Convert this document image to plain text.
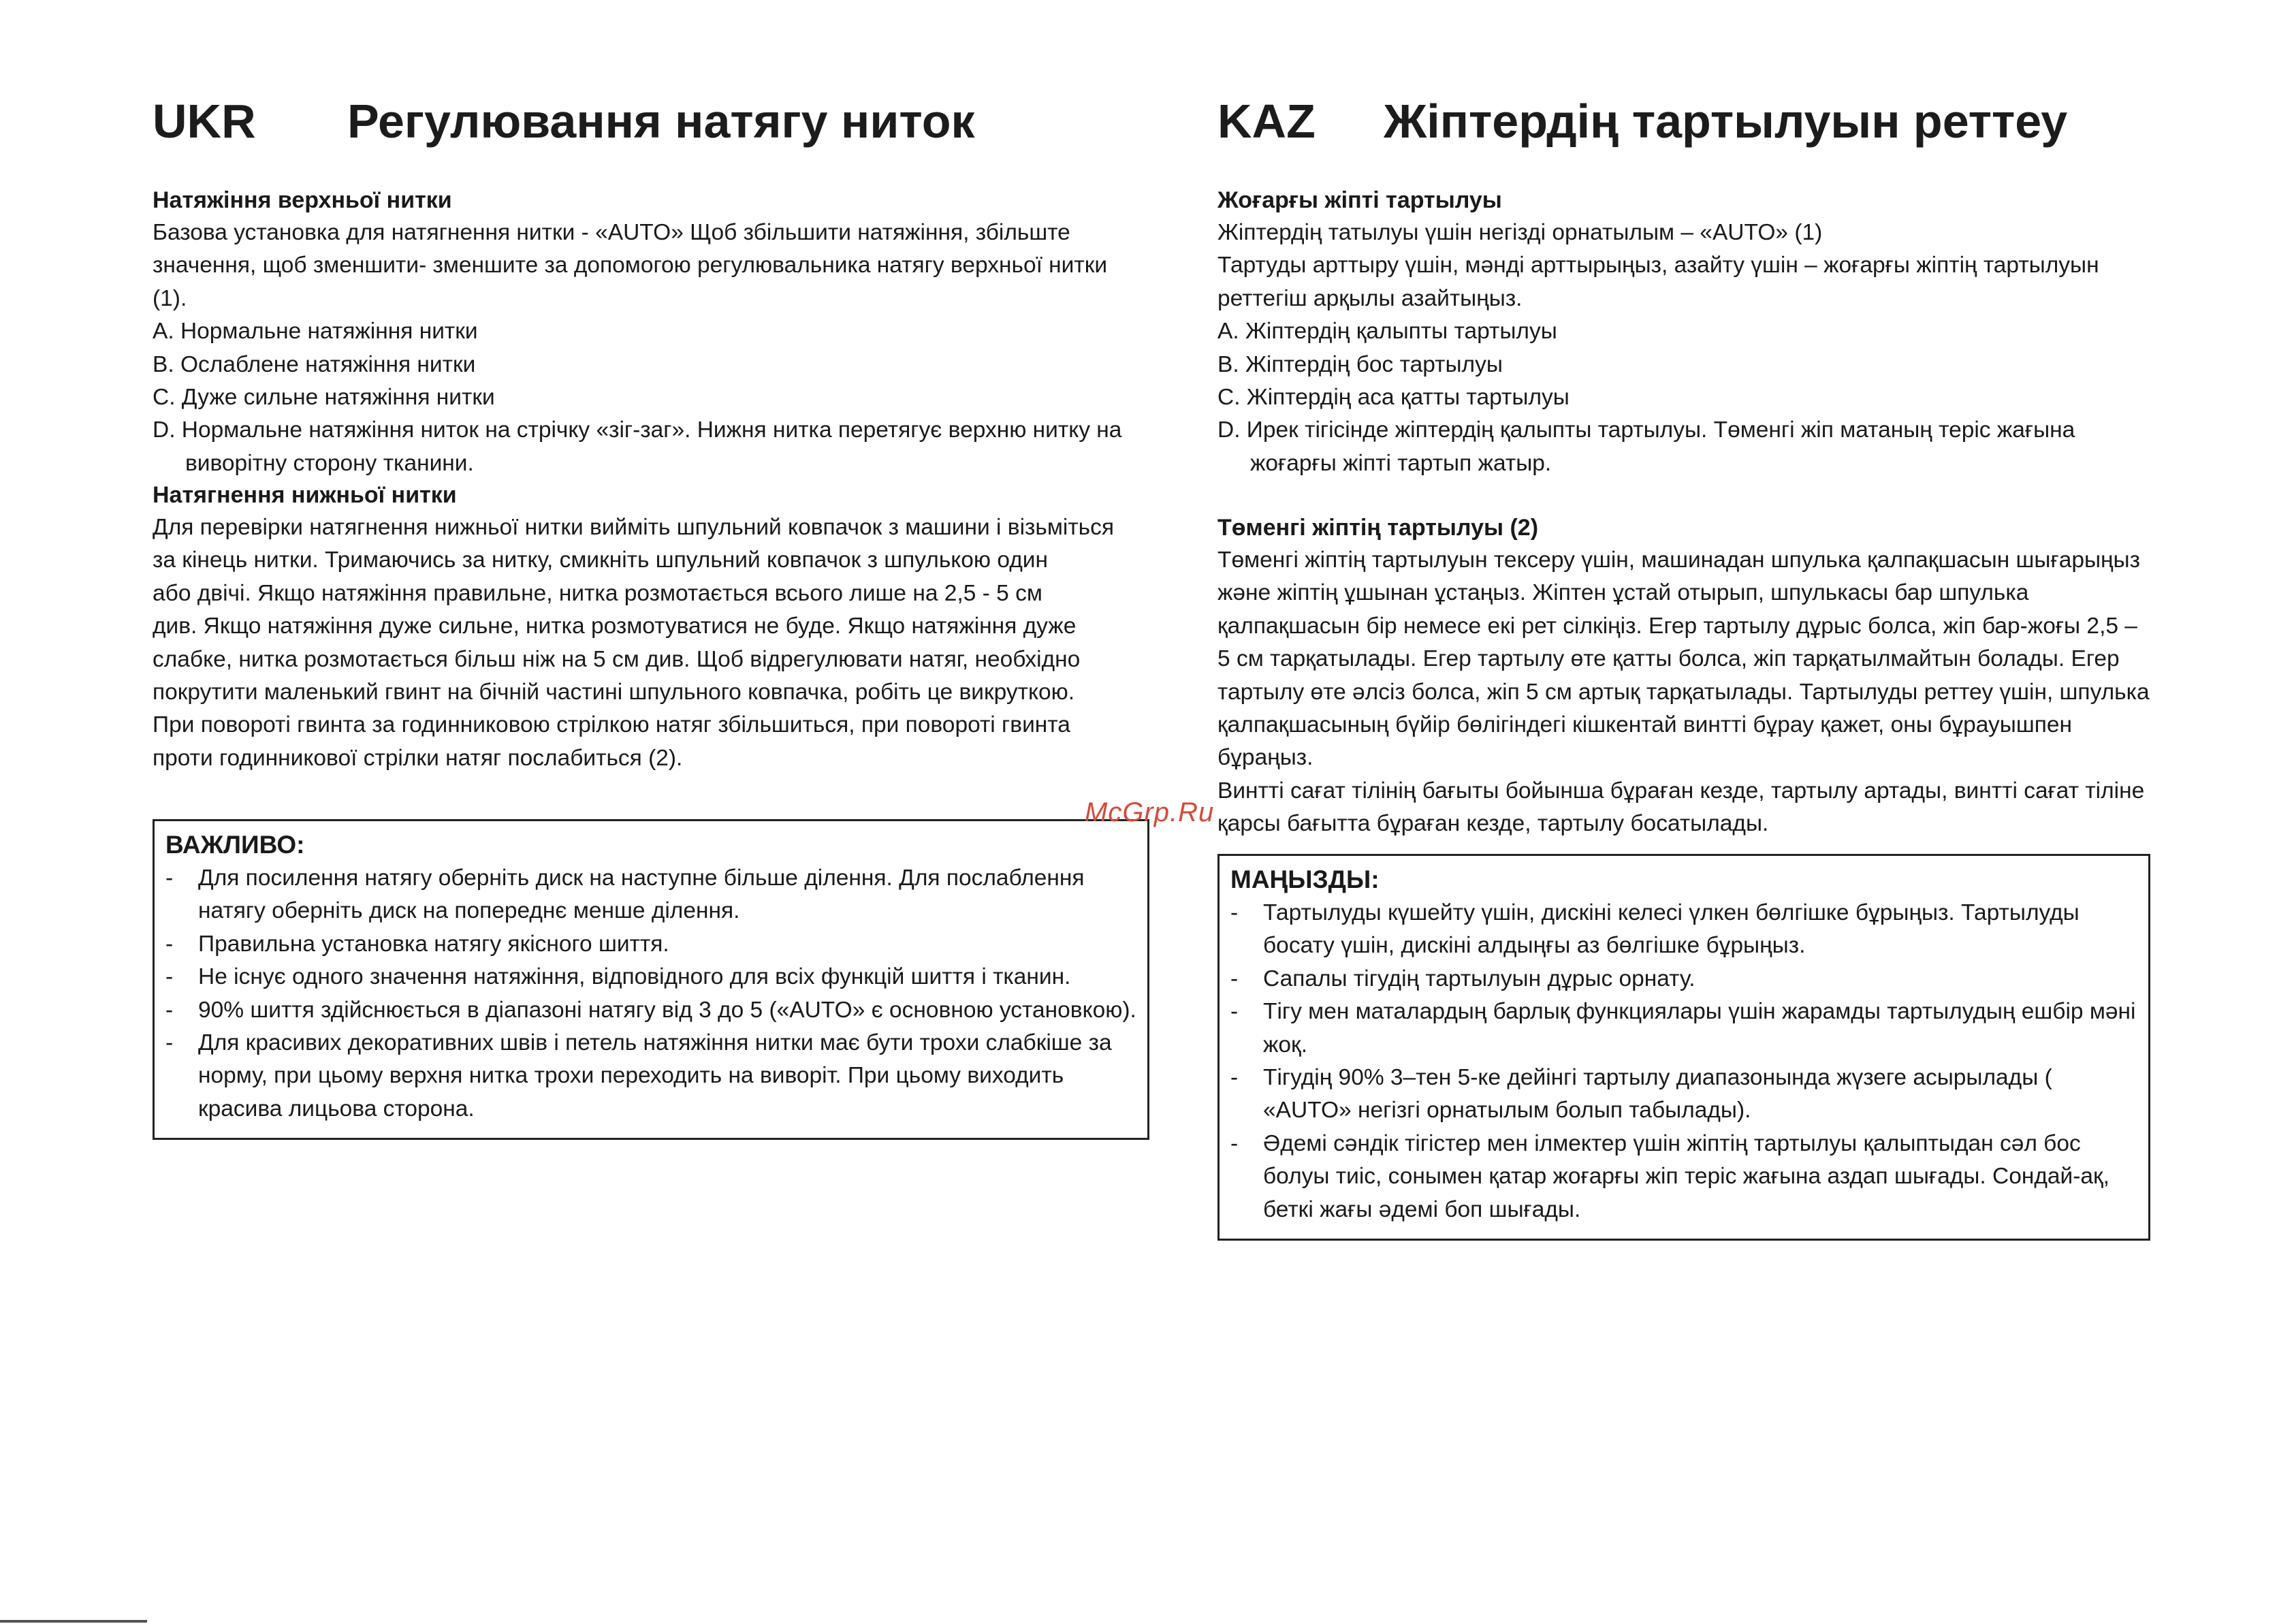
UKR Регулювання натягу ниток

Натяжіння верхньої нитки

Базова установка для натягнення нитки - «AUTO» Щоб збільшити натяжіння, збільште

значення, щоб зменшити- зменшите за допомогою регулювальника натягу верхньої нитки (1).

A. Нормальне натяжіння нитки

B. Ослаблене натяжіння нитки

C. Дуже сильне натяжіння нитки

D. Нормальне натяжіння ниток на стрічку «зіг-заг». Нижня нитка перетягує верхню нитку на виворітну сторону тканини.

Натягнення нижньої нитки

Для перевірки натягнення нижньої нитки вийміть шпульний ковпачок з машини і візьміться

за кінець нитки. Тримаючись за нитку, смикніть шпульний ковпачок з шпулькою один

або двічі. Якщо натяжіння правильне, нитка розмотається всього лише на 2,5 - 5 см

див. Якщо натяжіння дуже сильне, нитка розмотуватися не буде. Якщо натяжіння дуже

слабке, нитка розмотається більш ніж на 5 см див. Щоб відрегулювати натяг, необхідно

покрутити маленький гвинт на бічній частині шпульного ковпачка, робіть це викруткою.

При повороті гвинта за годинниковою стрілкою натяг збільшиться, при повороті гвинта

проти годинникової стрілки натяг послабиться (2).

ВАЖЛИВО:

- Для посилення натягу оберніть диск на наступне більше ділення. Для послаблення натягу оберніть диск на попереднє менше ділення.

- Правильна установка натягу якісного шиття.

- Не існує одного значення натяжіння, відповідного для всіх функцій шиття і тканин.

- 90% шиття здійснюється в діапазоні натягу від 3 до 5 («AUTO» є основною установкою).

- Для красивих декоративних швів і петель натяжіння нитки має бути трохи слабкіше за норму, при цьому верхня нитка трохи переходить на виворіт. При цьому виходить красива лицьова сторона.

KAZ Жіптердің тартылуын реттеу

Жоғарғы жіпті тартылуы

Жіптердің татылуы үшін негізді орнатылым – «AUTO» (1)

Тартуды арттыру үшін, мәнді арттырыңыз, азайту үшін – жоғарғы жіптің тартылуын

реттегіш арқылы азайтыңыз.

A. Жіптердің қалыпты тартылуы

B. Жіптердің бос тартылуы

C. Жіптердің аса қатты тартылуы

D. Ирек тігісінде жіптердің қалыпты тартылуы. Төменгі жіп матаның теріс жағына жоғарғы жіпті тартып жатыр.

Төменгі жіптің тартылуы (2)

Төменгі жіптің тартылуын тексеру үшін, машинадан шпулька қалпақшасын шығарыңыз

және жіптің ұшынан ұстаңыз. Жіптен ұстай отырып, шпулькасы бар шпулька

қалпақшасын бір немесе екі рет сілкіңіз. Егер тартылу дұрыс болса, жіп бар-жоғы 2,5 –

5 см тарқатылады. Егер тартылу өте қатты болса, жіп тарқатылмайтын болады. Егер

тартылу өте әлсіз болса, жіп 5 см артық тарқатылады. Тартылуды реттеу үшін, шпулька

қалпақшасының бүйір бөлігіндегі кішкентай винтті бұрау қажет, оны бұрауышпен бұраңыз.

Винтті сағат тілінің бағыты бойынша бұраған кезде, тартылу артады, винтті сағат тіліне

қарсы бағытта бұраған кезде, тартылу босатылады.

МАҢЫЗДЫ:

- Тартылуды күшейту үшін, дискіні келесі үлкен бөлгішке бұрыңыз. Тартылуды босату үшін, дискіні алдыңғы аз бөлгішке бұрыңыз.

- Сапалы тігудің тартылуын дұрыс орнату.

- Тігу мен маталардың барлық функциялары үшін жарамды тартылудың ешбір мәні жоқ.

- Тігудің 90% 3–тен 5-ке дейінгі тартылу диапазонында жүзеге асырылады ( «AUTO» негізгі орнатылым болып табылады).

- Әдемі сәндік тігістер мен ілмектер үшін жіптің тартылуы қалыптыдан сәл бос болуы тиіс, сонымен қатар жоғарғы жіп теріс жағына аздап шығады. Сондай-ақ, беткі жағы әдемі боп шығады.

McGrp.Ru
